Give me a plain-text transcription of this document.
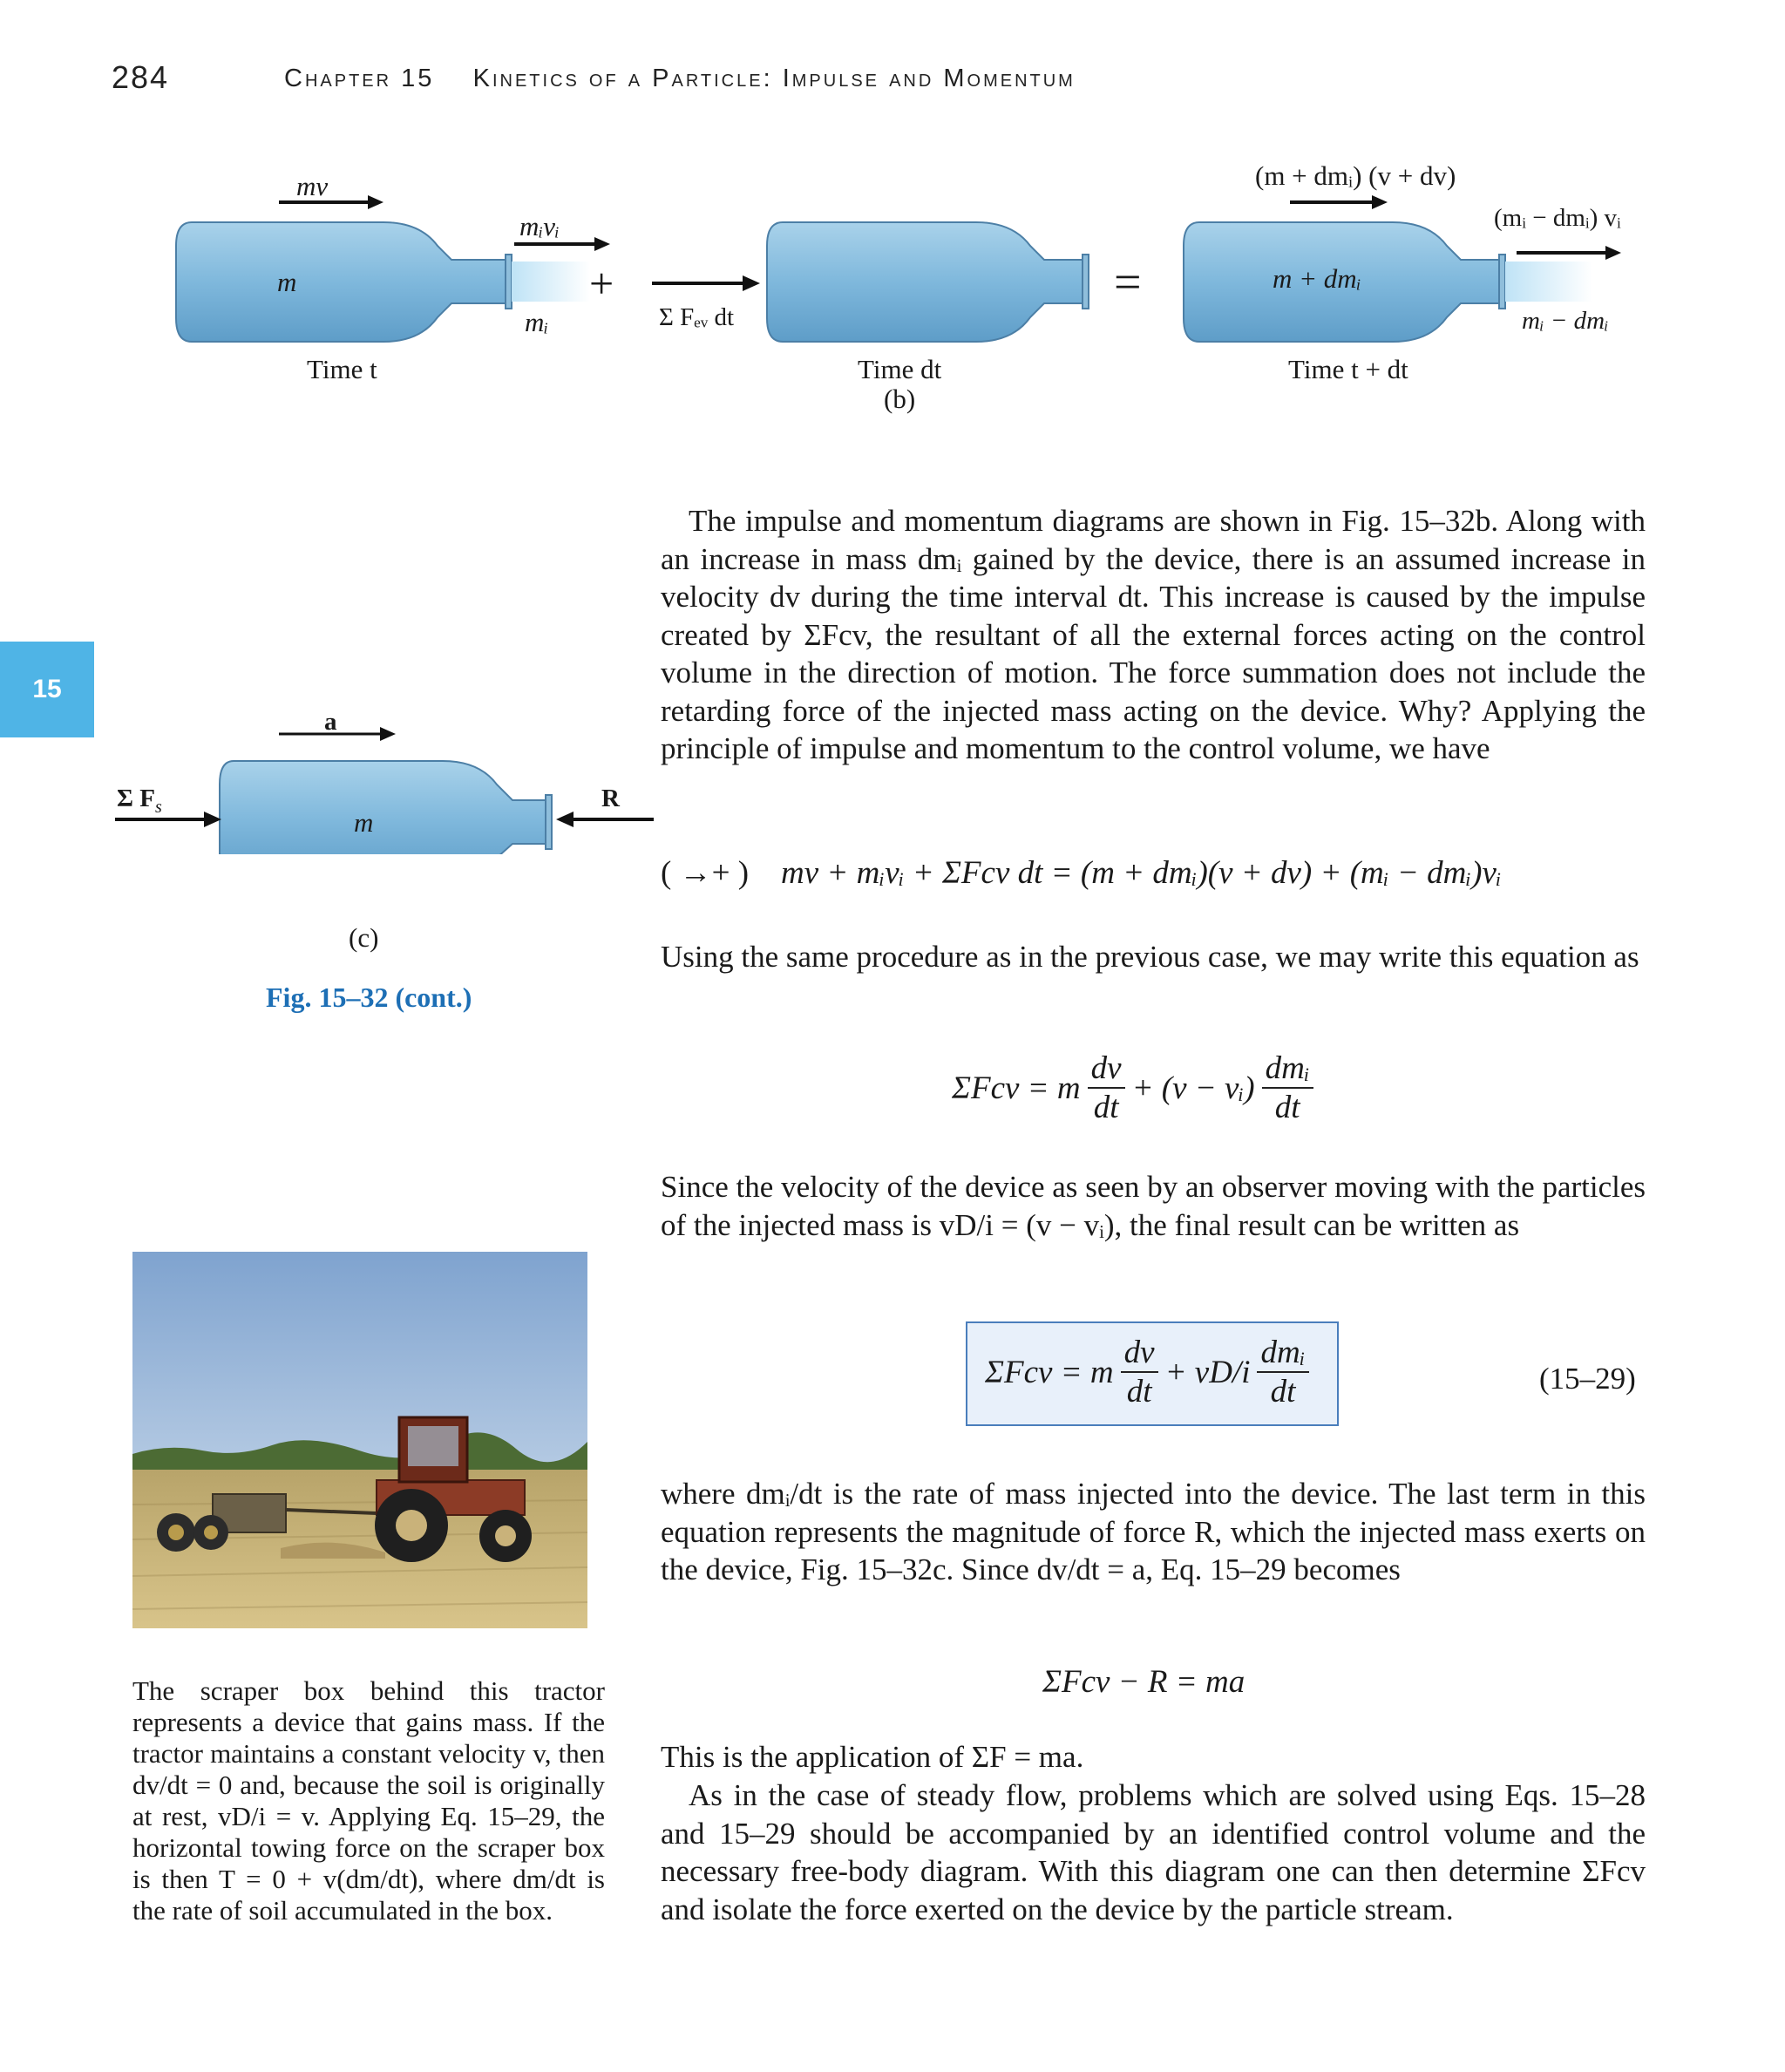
284	Chapter 15 Kinetics of a Particle: Impulse and Momentum
15
mv
m
mᵢvᵢ
mᵢ
Time t
+
Σ Fₑᵥ dt
Time dt
(b)
=
(m + dmᵢ) (v + dv)
(mᵢ − dmᵢ) vᵢ
m + dmᵢ
mᵢ − dmᵢ
Time t + dt
a
Σ $F_s$
m
R
(c)
Fig. 15–32 (cont.)
The impulse and momentum diagrams are shown in Fig. 15–32b. Along with an increase in mass dmᵢ gained by the device, there is an assumed increase in velocity dv during the time interval dt. This increase is caused by the impulse created by ΣFcv, the resultant of all the external forces acting on the control volume in the direction of motion. The force summation does not include the retarding force of the injected mass acting on the device. Why? Applying the principle of impulse and momentum to the control volume, we have
( →+ ) mv + mᵢvᵢ + ΣFcv dt = (m + dmᵢ)(v + dv) + (mᵢ − dmᵢ)vᵢ
Using the same procedure as in the previous case, we may write this equation as
ΣFcv = m
dv
dt
+ (v − vᵢ)
dmᵢ
dt
Since the velocity of the device as seen by an observer moving with the particles of the injected mass is vD/i = (v − vᵢ), the final result can be written as
ΣFcv = m
dv
dt
+ vD/i
dmᵢ
dt	(15–29)
where dmᵢ/dt is the rate of mass injected into the device. The last term in this equation represents the magnitude of force R, which the injected mass exerts on the device, Fig. 15–32c. Since dv/dt = a, Eq. 15–29 becomes
ΣFcv − R = ma
This is the application of ΣF = ma.
As in the case of steady flow, problems which are solved using Eqs. 15–28 and 15–29 should be accompanied by an identified control volume and the necessary free-body diagram. With this diagram one can then determine ΣFcv and isolate the force exerted on the device by the particle stream.
The scraper box behind this tractor represents a device that gains mass. If the tractor maintains a constant velocity v, then dv/dt = 0 and, because the soil is originally at rest, vD/i = v. Applying Eq. 15–29, the horizontal towing force on the scraper box is then T = 0 + v(dm/dt), where dm/dt is the rate of soil accumulated in the box.
